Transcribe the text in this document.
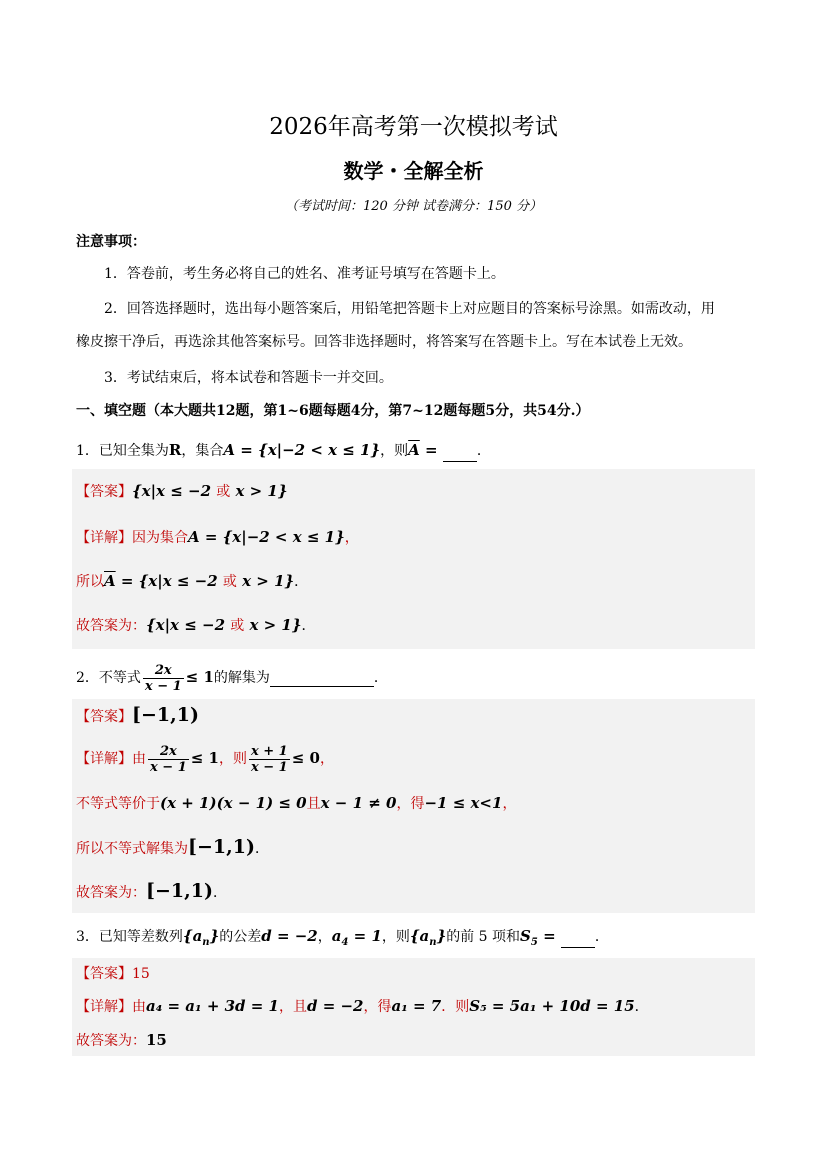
2026年高考第一次模拟考试
数学・全解全析
（考试时间：120 分钟 试卷满分：150 分）
注意事项：
1．答卷前，考生务必将自己的姓名、准考证号填写在答题卡上。
2．回答选择题时，选出每小题答案后，用铅笔把答题卡上对应题目的答案标号涂黑。如需改动，用
橡皮擦干净后，再选涂其他答案标号。回答非选择题时，将答案写在答题卡上。写在本试卷上无效。
3．考试结束后，将本试卷和答题卡一并交回。
一、填空题（本大题共12题，第1~6题每题4分，第7~12题每题5分，共54分.）
1．已知全集为R，集合A = {x|−2 < x ≤ 1}，则$\overline{A}$ =  ．
【答案】{x|x ≤ −2 或 x > 1}
【详解】因为集合A = {x|−2 < x ≤ 1}，
所以$\overline{A} = \{x|x \le -2$ 或 x > 1}．
故答案为：{x|x ≤ −2 或 x > 1}．
2．不等式 $\frac{2x}{x - 1} \le 1$的解集为	．
【答案】[−1,1)
【详解】由 $\frac{2x}{x - 1} \le 1$，则 $\frac{x + 1}{x - 1} \le 0$，
不等式等价于(x + 1)(x − 1) ≤ 0且x − 1 ≠ 0，得−1 ≤ x<1，
所以不等式解集为[−1,1)．
故答案为：[−1,1)．
3．已知等差数列$\{a_n\}$的公差d = −2，$a_4 = 1$，则$\{a_n\}$的前 5 项和$S_5$ =  ．
【答案】15
【详解】由a₄ = a₁ + 3d = 1，且d = −2，得a₁ = 7．则S₅ = 5a₁ + 10d = 15．
故答案为：15
